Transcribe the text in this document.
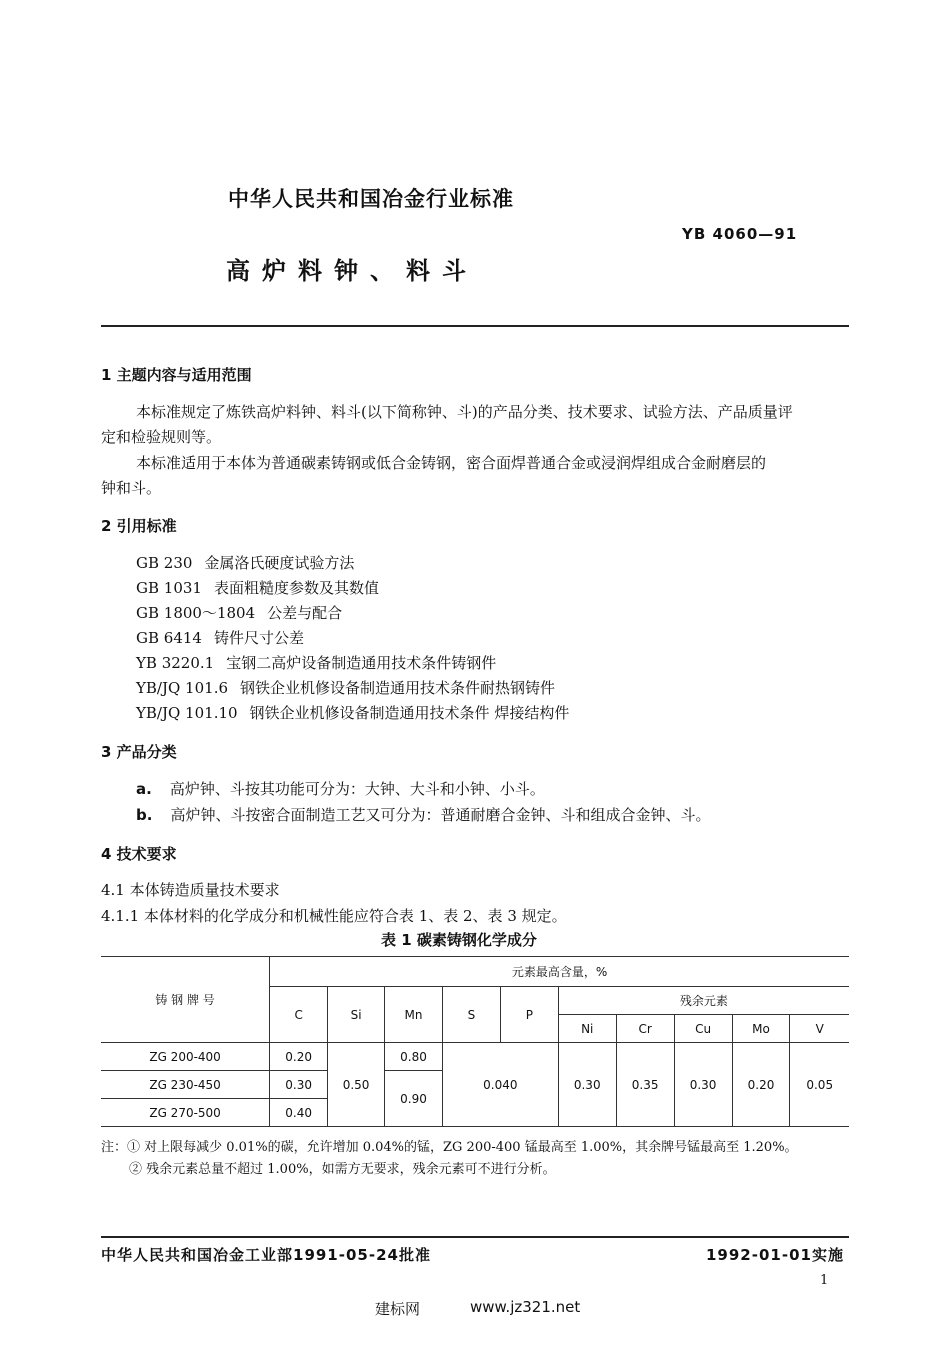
中华人民共和国冶金行业标准
YB 4060—91
高炉料钟、料斗
1 主题内容与适用范围
本标准规定了炼铁高炉料钟、料斗(以下简称钟、斗)的产品分类、技术要求、试验方法、产品质量评
定和检验规则等。
本标准适用于本体为普通碳素铸钢或低合金铸钢，密合面焊普通合金或浸润焊组成合金耐磨层的
钟和斗。
2 引用标准
GB 230 金属洛氏硬度试验方法
GB 1031 表面粗糙度参数及其数值
GB 1800～1804 公差与配合
GB 6414 铸件尺寸公差
YB 3220.1 宝钢二高炉设备制造通用技术条件铸钢件
YB/JQ 101.6 钢铁企业机修设备制造通用技术条件耐热钢铸件
YB/JQ 101.10 钢铁企业机修设备制造通用技术条件 焊接结构件
3 产品分类
a. 高炉钟、斗按其功能可分为：大钟、大斗和小钟、小斗。
b. 高炉钟、斗按密合面制造工艺又可分为：普通耐磨合金钟、斗和组成合金钟、斗。
4 技术要求
4.1 本体铸造质量技术要求
4.1.1 本体材料的化学成分和机械性能应符合表 1、表 2、表 3 规定。
表 1 碳素铸钢化学成分
铸 钢 牌 号	元素最高含量，%									
	C	Si	Mn	S	P	残余元素				
						Ni	Cr	Cu	Mo	V
ZG 200-400	0.20	0.50	0.80	0.040		0.30	0.35	0.30	0.20	0.05
ZG 230-450	0.30		0.90							
ZG 270-500	0.40									
注：① 对上限每减少 0.01%的碳，允许增加 0.04%的锰，ZG 200-400 锰最高至 1.00%，其余牌号锰最高至 1.20%。
② 残余元素总量不超过 1.00%，如需方无要求，残余元素可不进行分析。
中华人民共和国冶金工业部1991-05-24批准	1992-01-01实施
1
建标网	www.jz321.net
